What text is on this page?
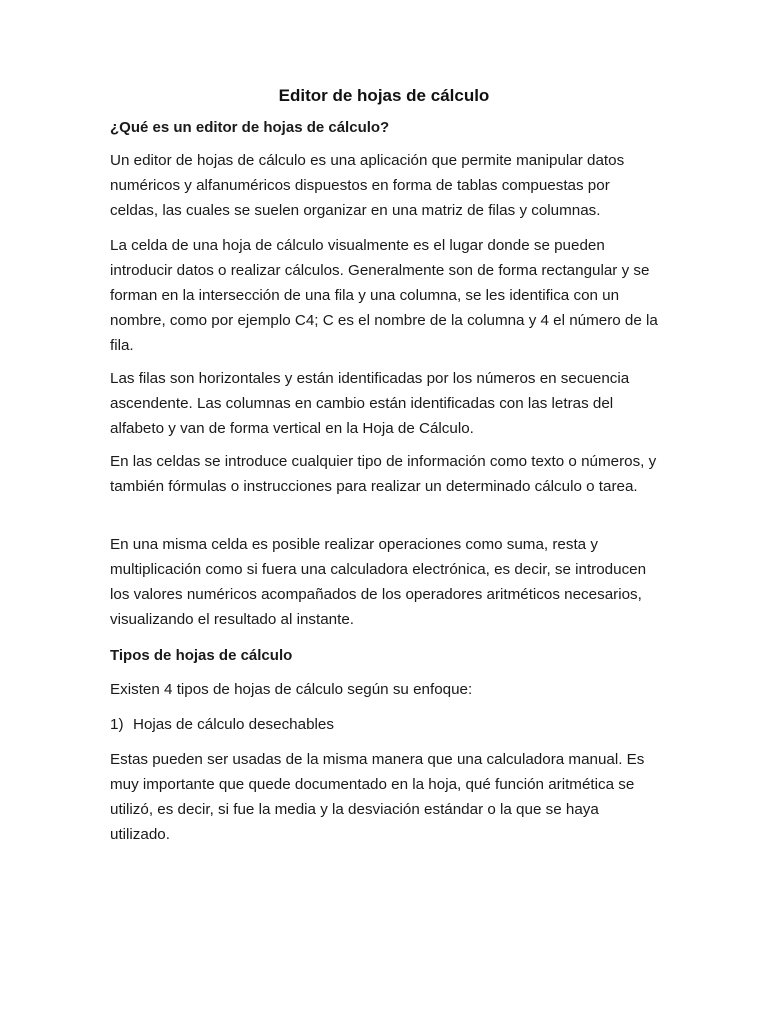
Editor de hojas de cálculo

¿Qué es un editor de hojas de cálculo?

Un editor de hojas de cálculo es una aplicación que permite manipular datos numéricos y alfanuméricos dispuestos en forma de tablas compuestas por celdas, las cuales se suelen organizar en una matriz de filas y columnas.

La celda de una hoja de cálculo visualmente es el lugar donde se pueden introducir datos o realizar cálculos. Generalmente son de forma rectangular y se forman en la intersección de una fila y una columna, se les identifica con un nombre, como por ejemplo C4; C es el nombre de la columna y 4 el número de la fila.

Las filas son horizontales y están identificadas por los números en secuencia ascendente. Las columnas en cambio están identificadas con las letras del alfabeto y van de forma vertical en la Hoja de Cálculo.

En las celdas se introduce cualquier tipo de información como texto o números, y también fórmulas o instrucciones para realizar un determinado cálculo o tarea.

En una misma celda es posible realizar operaciones como suma, resta y multiplicación como si fuera una calculadora electrónica, es decir, se introducen los valores numéricos acompañados de los operadores aritméticos necesarios, visualizando el resultado al instante.

Tipos de hojas de cálculo

Existen 4 tipos de hojas de cálculo según su enfoque:

1) Hojas de cálculo desechables

Estas pueden ser usadas de la misma manera que una calculadora manual. Es muy importante que quede documentado en la hoja, qué función aritmética se utilizó, es decir, si fue la media y la desviación estándar o la que se haya utilizado.
